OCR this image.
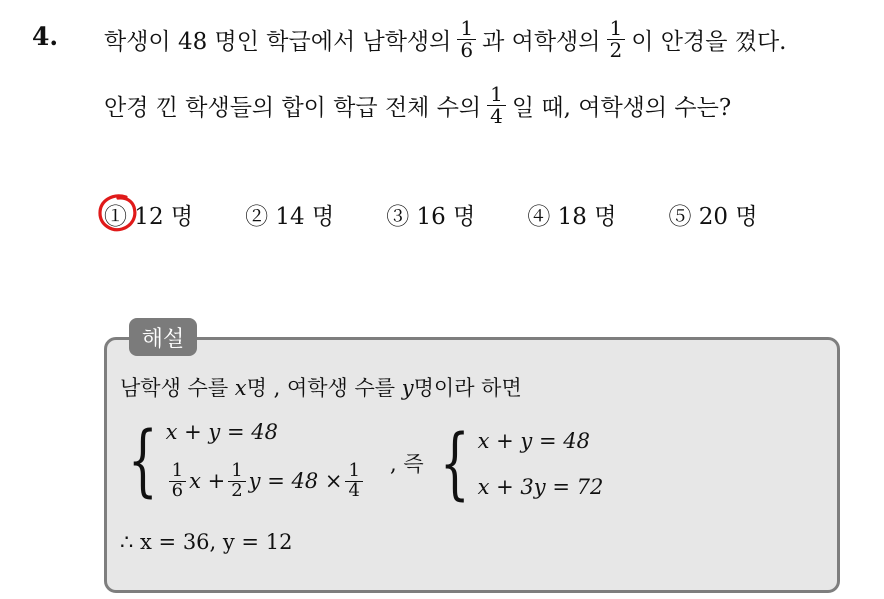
4. 학생이 48 명인 학급에서 남학생의 $\frac{1}{6}$ 과 여학생의 $\frac{1}{2}$ 이 안경을 꼈다.
안경 낀 학생들의 합이 학급 전체 수의 $\frac{1}{4}$ 일 때, 여학생의 수는?
① 12 명 ② 14 명 ③ 16 명 ④ 18 명 ⑤ 20 명
해설
남학생 수를 x명 , 여학생 수를 y명이라 하면
{ x + y = 48
$\frac{1}{6}$ $x + \frac{1}{2}$ $y = 48 \times \frac{1}{4}$ , 즉 { x + y = 48
x + 3y = 72
∴ x = 36, y = 12
